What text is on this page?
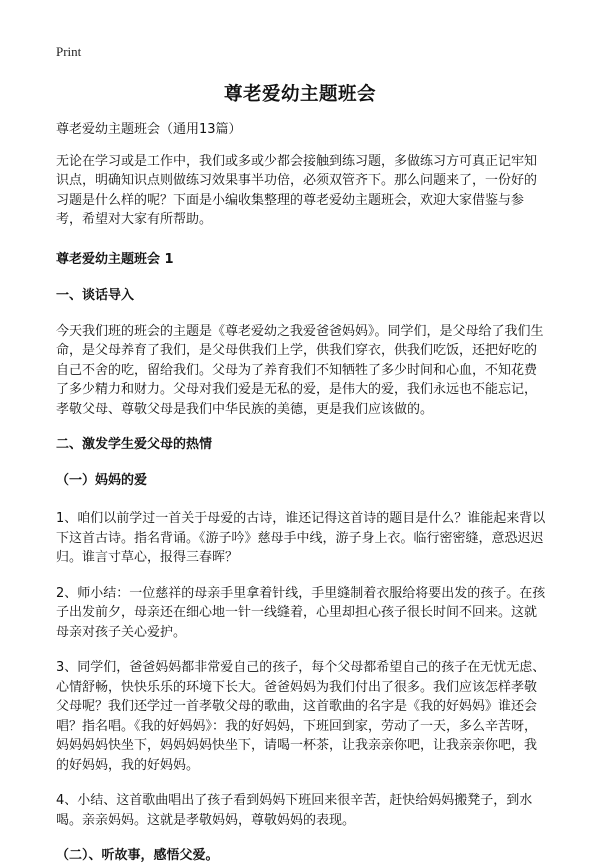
Print
尊老爱幼主题班会

尊老爱幼主题班会（通用13篇）

无论在学习或是工作中，我们或多或少都会接触到练习题，多做练习方可真正记牢知识点，明确知识点则做练习效果事半功倍，必须双管齐下。那么问题来了，一份好的习题是什么样的呢？下面是小编收集整理的尊老爱幼主题班会，欢迎大家借鉴与参考，希望对大家有所帮助。

尊老爱幼主题班会 1

一、谈话导入

今天我们班的班会的主题是《尊老爱幼之我爱爸爸妈妈》。同学们，是父母给了我们生命，是父母养育了我们，是父母供我们上学，供我们穿衣，供我们吃饭，还把好吃的自己不舍的吃，留给我们。父母为了养育我们不知牺牲了多少时间和心血，不知花费了多少精力和财力。父母对我们爱是无私的爱，是伟大的爱，我们永远也不能忘记，孝敬父母、尊敬父母是我们中华民族的美德，更是我们应该做的。

二、激发学生爱父母的热情

（一）妈妈的爱

1、咱们以前学过一首关于母爱的古诗，谁还记得这首诗的题目是什么？谁能起来背以下这首古诗。指名背诵。《游子吟》慈母手中线，游子身上衣。临行密密缝，意恐迟迟归。谁言寸草心，报得三春晖？

2、师小结：一位慈祥的母亲手里拿着针线，手里缝制着衣服给将要出发的孩子。在孩子出发前夕，母亲还在细心地一针一线缝着，心里却担心孩子很长时间不回来。这就母亲对孩子关心爱护。

3、同学们，爸爸妈妈都非常爱自己的孩子，每个父母都希望自己的孩子在无忧无虑、心情舒畅，快快乐乐的环境下长大。爸爸妈妈为我们付出了很多。我们应该怎样孝敬父母呢？我们还学过一首孝敬父母的歌曲，这首歌曲的名字是《我的好妈妈》谁还会唱？指名唱。《我的好妈妈》：我的好妈妈，下班回到家，劳动了一天，多么辛苦呀，妈妈妈妈快坐下，妈妈妈妈快坐下，请喝一杯茶，让我亲亲你吧，让我亲亲你吧，我的好妈妈，我的好妈妈。

4、小结、这首歌曲唱出了孩子看到妈妈下班回来很辛苦，赶快给妈妈搬凳子，到水喝。亲亲妈妈。这就是孝敬妈妈，尊敬妈妈的表现。

（二）、听故事，感悟父爱。
